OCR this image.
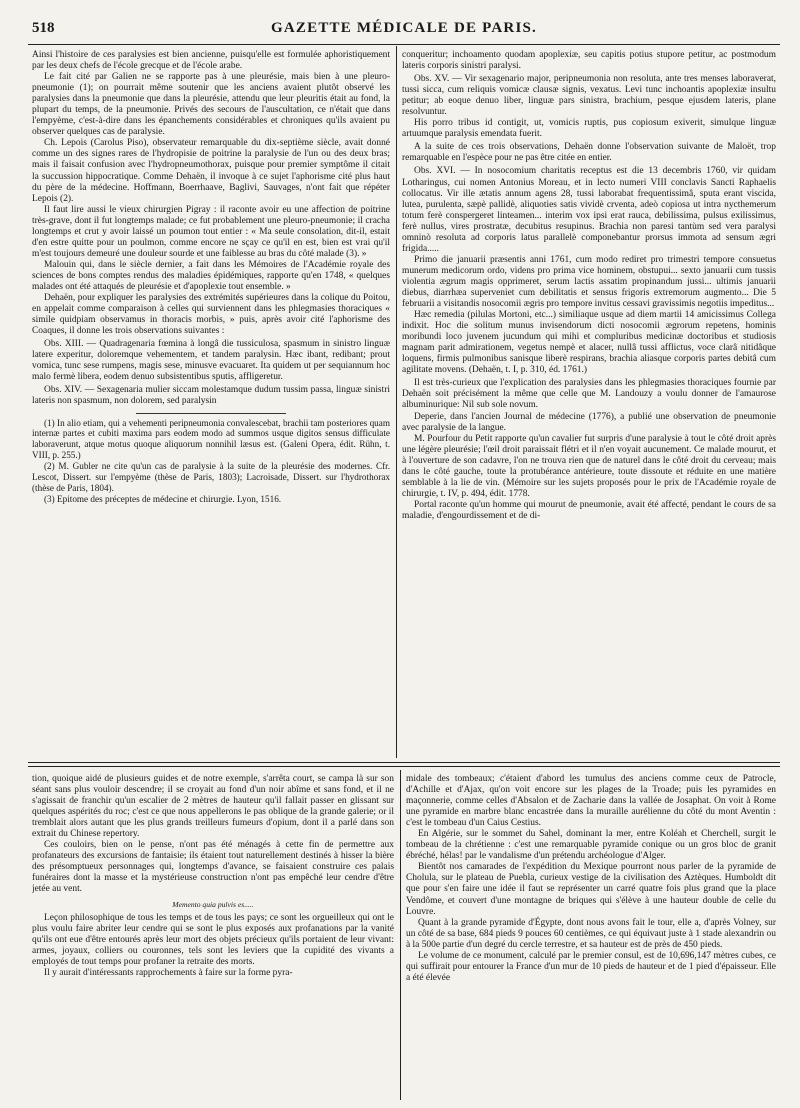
518	GAZETTE MÉDICALE DE PARIS.

Ainsi l'histoire de ces paralysies est bien ancienne, puisqu'elle est formulée aphoristiquement par les deux chefs de l'école grecque et de l'école arabe.

Le fait cité par Galien ne se rapporte pas à une pleurésie, mais bien à une pleuro-pneumonie (1); on pourrait même soutenir que les anciens avaient plutôt observé les paralysies dans la pneumonie que dans la pleurésie, attendu que leur pleuritis était au fond, la plupart du temps, de la pneumonie. Privés des secours de l'auscultation, ce n'était que dans l'empyème, c'est-à-dire dans les épanchements considérables et chroniques qu'ils avaient pu observer quelques cas de paralysie.

Ch. Lepois (Carolus Piso), observateur remarquable du dix-septième siècle, avait donné comme un des signes rares de l'hydropisie de poitrine la paralysie de l'un ou des deux bras; mais il faisait confusion avec l'hydropneumothorax, puisque pour premier symptôme il citait la succussion hippocratique. Comme Dehaën, il invoque à ce sujet l'aphorisme cité plus haut du père de la médecine. Hoffmann, Boerrhaave, Baglivi, Sauvages, n'ont fait que répéter Lepois (2).

Il faut lire aussi le vieux chirurgien Pigray : il raconte avoir eu une affection de poitrine très-grave, dont il fut longtemps malade; ce fut probablement une pleuro-pneumonie; il cracha longtemps et crut y avoir laissé un poumon tout entier : « Ma seule consolation, dit-il, estait d'en estre quitte pour un poulmon, comme encore ne sçay ce qu'il en est, bien est vrai qu'il m'est toujours demeuré une douleur sourde et une faiblesse au bras du côté malade (3). »

Malouin qui, dans le siècle dernier, a fait dans les Mémoires de l'Académie royale des sciences de bons comptes rendus des maladies épidémiques, rapporte qu'en 1748, « quelques malades ont été attaqués de pleurésie et d'apoplexie tout ensemble. »

Dehaën, pour expliquer les paralysies des extrémités supérieures dans la colique du Poitou, en appelait comme comparaison à celles qui surviennent dans les phlegmasies thoraciques « simile quidpiam observamus in thoracis morbis, » puis, après avoir cité l'aphorisme des Coaques, il donne les trois observations suivantes :

Obs. XIII. — Quadragenaria fœmina à longâ die tussiculosa, spasmum in sinistro linguæ latere experitur, doloremque vehementem, et tandem paralysin. Hæc ibant, redibant; prout vomica, tunc sese rumpens, magis sese, minusve evacuaret. Ita quidem ut per sequiannum hoc malo fermè libera, eodem denuo subsistentibus sputis, affligeretur.

Obs. XIV. — Sexagenaria mulier siccam molestamque dudum tussim passa, linguæ sinistri lateris non spasmum, non dolorem, sed paralysin

(1) In alio etiam, qui a vehementi peripneumonia convalescebat, brachii tam posteriores quam internæ partes et cubiti maxima pars eodem modo ad summos usque digitos sensus difficulate laboraverunt, atque motus quoque aliquorum nonnihil læsus est. (Galeni Opera, édit. Rühn, t. VIII, p. 255.)

(2) M. Gubler ne cite qu'un cas de paralysie à la suite de la pleurésie des modernes. Cfr. Lescot, Dissert. sur l'empyème (thèse de Paris, 1803); Lacroisade, Dissert. sur l'hydrothorax (thèse de Paris, 1804).

(3) Epitome des préceptes de médecine et chirurgie. Lyon, 1516.

conqueritur; inchoamento quodam apoplexiæ, seu capitis potius stupore petitur, ac postmodum lateris corporis sinistri paralysi.

Obs. XV. — Vir sexagenario major, peripneumonia non resoluta, ante tres menses laboraverat, tussi sicca, cum reliquis vomicæ clausæ signis, vexatus. Levi tunc inchoantis apoplexiæ insultu petitur; ab eoque denuo liber, linguæ pars sinistra, brachium, pesque ejusdem lateris, plane resolvuntur.

His porro tribus id contigit, ut, vomicis ruptis, pus copiosum exiverit, simulque linguæ artuumque paralysis emendata fuerit.

A la suite de ces trois observations, Dehaën donne l'observation suivante de Maloët, trop remarquable en l'espèce pour ne pas être citée en entier.

Obs. XVI. — In nosocomium charitatis receptus est die 13 decembris 1760, vir quidam Lotharingus, cui nomen Antonius Moreau, et in lecto numeri VIII conclavis Sancti Raphaelis collocatus. Vir ille ætatis annum agens 28, tussi laborabat frequentissimâ, sputa erant viscida, lutea, purulenta, sæpè pallidè, aliquoties satis vividè crventa, adeò copiosa ut intra nycthemerum totum ferè conspergeret linteamen... interim vox ipsi erat rauca, debilissima, pulsus exilissimus, ferè nullus, vires prostratæ, decubitus resupinus. Brachia non paresi tantùm sed vera paralysi omninò resoluta ad corporis latus parallelè componebantur prorsus immota ad sensum ægri frigida.....

Primo die januarii præsentis anni 1761, cum modo rediret pro trimestri tempore consuetus munerum medicorum ordo, videns pro prima vice hominem, obstupui... sexto januarii cum tussis violentia ægrum magis opprimeret, serum lactis assatim propinandum jussi... ultimis januarii diebus, diarrhæa superveniet cum debilitatis et sensus frigoris extremorum augmento... Die 5 februarii a visitandis nosocomii ægris pro tempore invitus cessavi gravissimis negotiis impeditus...

Hæc remedia (pilulas Mortoni, etc...) similiaque usque ad diem martii 14 amicissimus Collega indixit. Hoc die solitum munus invisendorum dicti nosocomii ægrorum repetens, hominis moribundi loco juvenem jucundum qui mihi et compluribus medicinæ doctoribus et studiosis magnam parit admirationem, vegetus nempè et alacer, nullâ tussi afflictus, voce clarâ nitidâque loquens, firmis pulmonibus sanisque liberè respirans, brachia aliasque corporis partes debitâ cum agilitate movens. (Dehaën, t. I, p. 310, éd. 1761.)

Il est très-curieux que l'explication des paralysies dans les phlegmasies thoraciques fournie par Dehaën soit précisément la même que celle que M. Landouzy a voulu donner de l'amaurose albuminurique: Nil sub sole novum.

Deperie, dans l'ancien Journal de médecine (1776), a publié une observation de pneumonie avec paralysie de la langue.

M. Pourfour du Petit rapporte qu'un cavalier fut surpris d'une paralysie à tout le côté droit après une légère pleurésie; l'œil droit paraissait flétri et il n'en voyait aucunement. Ce malade mourut, et à l'ouverture de son cadavre, l'on ne trouva rien que de naturel dans le côté droit du cerveau; mais dans le côté gauche, toute la protubérance antérieure, toute dissoute et réduite en une matière semblable à la lie de vin. (Mémoire sur les sujets proposés pour le prix de l'Académie royale de chirurgie, t. IV, p. 494, édit. 1778.

Portal raconte qu'un homme qui mourut de pneumonie, avait été affecté, pendant le cours de sa maladie, d'engourdissement et de di-

tion, quoique aidé de plusieurs guides et de notre exemple, s'arrêta court, se campa là sur son séant sans plus vouloir descendre; il se croyait au fond d'un noir abîme et sans fond, et il ne s'agissait de franchir qu'un escalier de 2 mètres de hauteur qu'il fallait passer en glissant sur quelques aspérités du roc; c'est ce que nous appellerons le pas oblique de la grande galerie; or il tremblait alors autant que les plus grands treilleurs fumeurs d'opium, dont il a parlé dans son extrait du Chinese repertory.

Ces couloirs, bien on le pense, n'ont pas été ménagés à cette fin de permettre aux profanateurs des excursions de fantaisie; ils étaient tout naturellement destinés à hisser la bière des présomptueux personnages qui, longtemps d'avance, se faisaient construire ces palais funéraires dont la masse et la mystérieuse construction n'ont pas empêché leur cendre d'être jetée au vent.

Memento quia pulvis es.....

Leçon philosophique de tous les temps et de tous les pays; ce sont les orgueilleux qui ont le plus voulu faire abriter leur cendre qui se sont le plus exposés aux profanations par la vanité qu'ils ont eue d'être entourés après leur mort des objets précieux qu'ils portaient de leur vivant: armes, joyaux, colliers ou couronnes, tels sont les leviers que la cupidité des vivants a employés de tout temps pour profaner la retraite des morts.

Il y aurait d'intéressants rapprochements à faire sur la forme pyra-

midale des tombeaux; c'étaient d'abord les tumulus des anciens comme ceux de Patrocle, d'Achille et d'Ajax, qu'on voit encore sur les plages de la Troade; puis les pyramides en maçonnerie, comme celles d'Absalon et de Zacharie dans la vallée de Josaphat. On voit à Rome une pyramide en marbre blanc encastrée dans la muraille aurélienne du côté du mont Aventin : c'est le tombeau d'un Caius Cestius.

En Algérie, sur le sommet du Sahel, dominant la mer, entre Koléah et Cherchell, surgit le tombeau de la chrétienne : c'est une remarquable pyramide conique ou un gros bloc de granit ébréché, hélas! par le vandalisme d'un prétendu archéologue d'Alger.

Bientôt nos camarades de l'expédition du Mexique pourront nous parler de la pyramide de Cholula, sur le plateau de Puebla, curieux vestige de la civilisation des Aztèques. Humboldt dit que pour s'en faire une idée il faut se représenter un carré quatre fois plus grand que la place Vendôme, et couvert d'une montagne de briques qui s'élève à une hauteur double de celle du Louvre.

Quant à la grande pyramide d'Égypte, dont nous avons fait le tour, elle a, d'après Volney, sur un côté de sa base, 684 pieds 9 pouces 60 centièmes, ce qui équivaut juste à 1 stade alexandrin ou à la 500e partie d'un degré du cercle terrestre, et sa hauteur est de près de 450 pieds.

Le volume de ce monument, calculé par le premier consul, est de 10,696,147 mètres cubes, ce qui suffirait pour entourer la France d'un mur de 10 pieds de hauteur et de 1 pied d'épaisseur. Elle a été élevée
